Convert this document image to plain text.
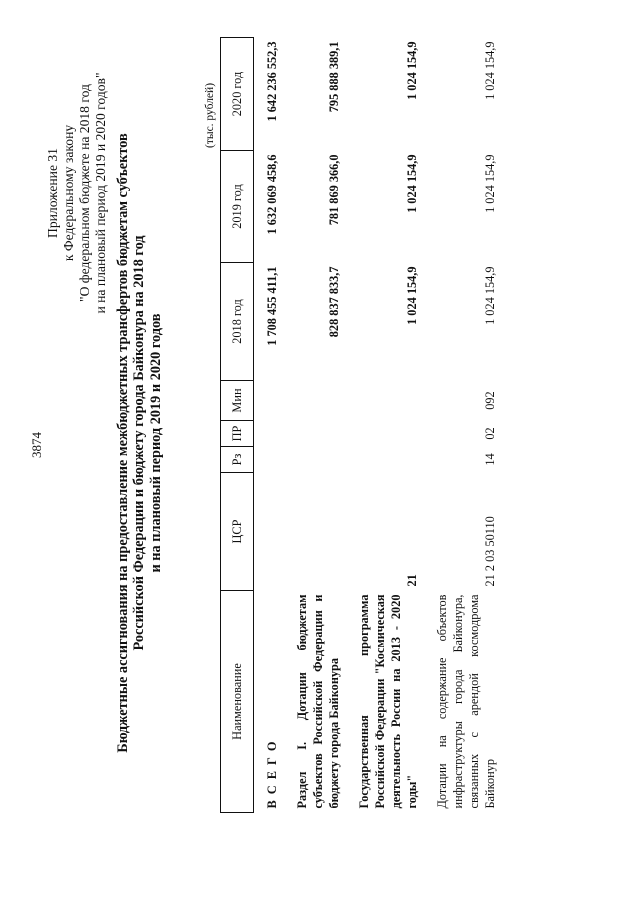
3874
Приложение 31 к Федеральному закону "О федеральном бюджете на 2018 год и на плановый период 2019 и 2020 годов" Бюджетные ассигнования на предоставление межбюджетных трансфертов бюджетам субъектов Российской Федерации и бюджету города Байконура на 2018 год и на плановый период 2019 и 2020 годов
(тыс. рублей)
Наименование	ЦСР	Рз	ПР	Мин	2018 год	2019 год	2020 год
В С Е Г О					1 708 455 411,1	1 632 069 458,6	1 642 236 552,3
Раздел I. Дотации бюджетам субъектов Российской Федерации и бюджету города Байконура					828 837 833,7	781 869 366,0	795 888 389,1
Государственная программа Российской Федерации "Космическая деятельность России на 2013 - 2020 годы"	21				1 024 154,9	1 024 154,9	1 024 154,9
Дотации на содержание объектов инфраструктуры города Байконура, связанных с арендой космодрома Байконур	21 2 03 50110	14	02	092	1 024 154,9	1 024 154,9	1 024 154,9
